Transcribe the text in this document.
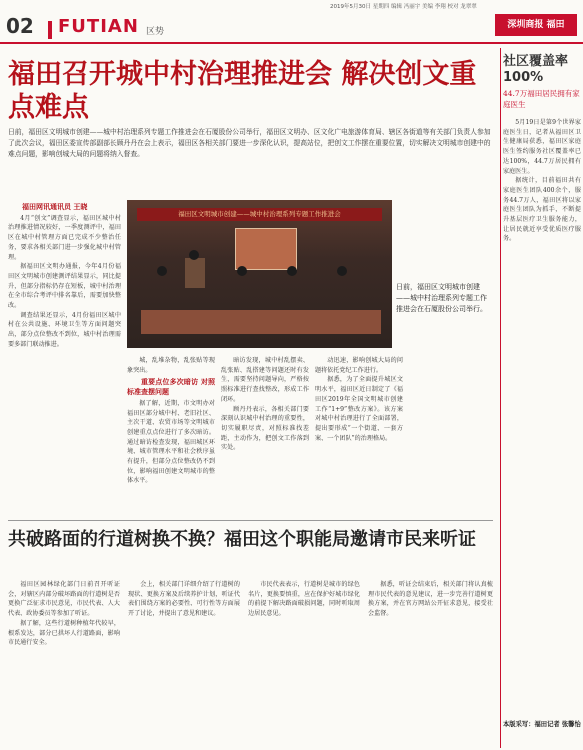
2019年5月30日 星期四 编辑 冯丽宇 美编 李翔 校对 龙翠翠
02 FUTIAN 区势
深圳商报 福田
福田召开城中村治理推进会 解决创文重点难点
日前，福田区文明城市创建——城中村治理系列专题工作推进会在石厦股份公司举行，福田区文明办、区文化广电旅游体育局、辖区各街道等有关部门负责人参加了此次会议，福田区委宣传部副部长顾丹丹在会上表示，福田区各相关部门要进一步深化认识，提高站位，把创文工作摆在重要位置，切实解决文明城市创建中的难点问题，影响创城大局的问题将纳入督查。

福田网讯通讯员 王晓

4月“创文”调查显示，福田区城中村治理推进情况较好，一季度测评中，福田区在城中村管理方面已完成不少整治任务，要求各相关部门进一步强化城中村管理。

据福田区文明办通报，今年4月份福田区文明城市创建测评结果显示，同比提升，但部分指标仍存在短板，城中村治理在全市综合考评中排名靠后，需要加快整改。

调查结果还显示，4月份福田区城中村在公共设施、环境卫生等方面问题突出，部分点位整改不到位，城中村治理需要多部门联动推进。

福田区文明城市创建——城中村治理系列专题工作推进会
日前，福田区文明城市创建——城中村治理系列专题工作推进会在石厦股份公司举行。

城，乱堆杂物，乱张贴等现象突出。

重要点位多次暗访 对照标准查摆问题

据了解，近期，市文明办对福田区部分城中村、老旧社区、主次干道、农贸市场等文明城市创建重点点位进行了多次暗访。通过暗访检查发现，福田城区环境、城市管理水平和社会秩序虽有提升，但部分点位整改仍不到位，影响福田创建文明城市的整体水平。

暗访发现，城中村乱摆卖、乱张贴、乱搭建等问题还时有发生，需要坚持问题导向，严格按照标准进行查找整改，形成工作闭环。

顾丹丹表示，各相关部门要深刻认识城中村治理的重要性，切实履职尽责，对照标准找差距，主动作为，把创文工作落到实处。

动迅速，影响创城大局的问题将依托党纪工作进行。

据悉，为了全面提升城区文明水平，福田区近日制定了《福田区2019年全国文明城市创建工作“1+9”整改方案》。该方案对城中村治理进行了全面部署，提出要形成“一个街道、一套方案、一个团队”的治理格局。

共破路面的行道树换不换？福田这个职能局邀请市民来听证

福田区园林绿化部门日前召开听证会，对辖区内部分破坏路面的行道树是否更换广泛征求市民意见，市民代表、人大代表、政协委员等参加了听证。

据了解，这些行道树种植年代较早，根系发达，部分已拱坏人行道路面，影响市民通行安全。

会上，相关部门详细介绍了行道树的现状、更换方案及后续养护计划，听证代表们围绕方案的必要性、可行性等方面展开了讨论，并提出了意见和建议。

市民代表表示，行道树是城市的绿色名片，更换要慎重，应在保护好城市绿化的前提下解决路面破损问题，同时听取周边居民意见。

据悉，听证会结束后，相关部门将认真梳理市民代表的意见建议，进一步完善行道树更换方案，并在官方网站公开征求意见，接受社会监督。

社区覆盖率100%
44.7万福田居民拥有家庭医生

5月19日是第9个世界家庭医生日，记者从福田区卫生健康局获悉，福田区家庭医生签约服务社区覆盖率已达100%，44.7万居民拥有家庭医生。

据统计，目前福田共有家庭医生团队400余个，服务44.7万人，福田区将以家庭医生团队为抓手，不断提升基层医疗卫生服务能力，让居民就近享受优质医疗服务。

本版采写：福田记者 张馨怡
